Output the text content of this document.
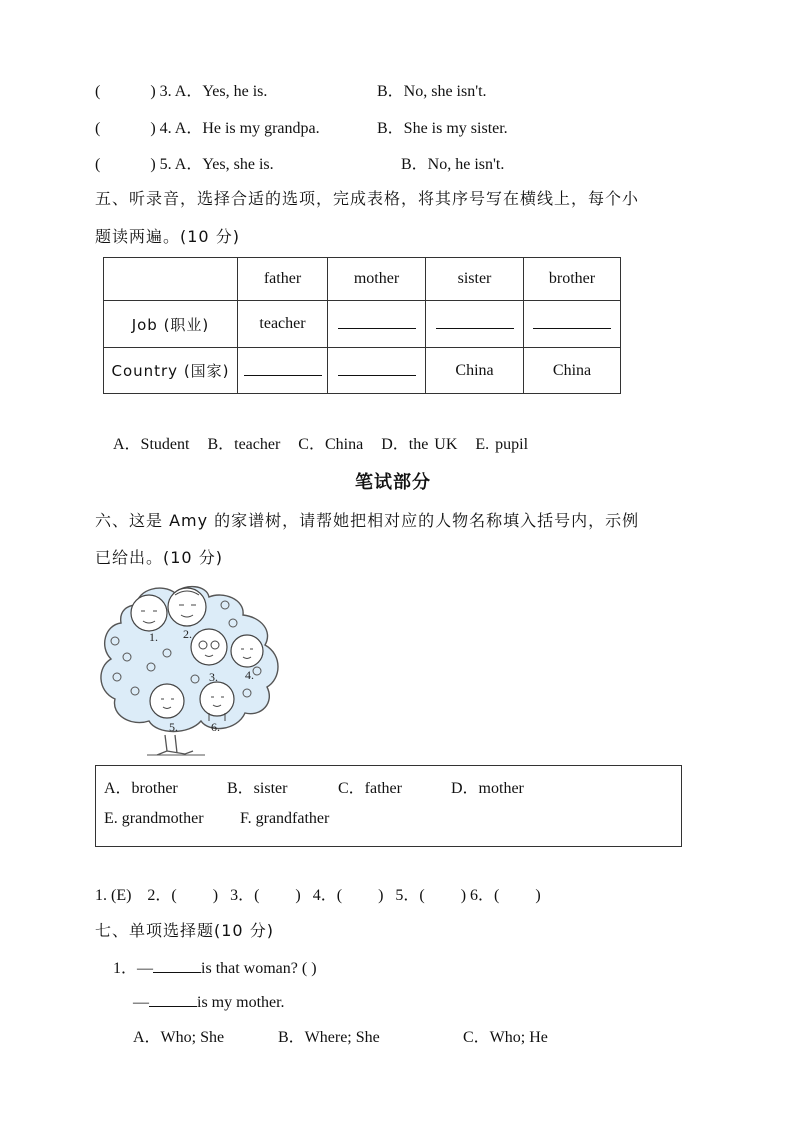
(	) 3. A．Yes, he is.	B．No, she isn't.
(	) 4. A．He is my grandpa.	B．She is my sister.
(	) 5. A．Yes, she is.	B．No, he isn't.
五、听录音，选择合适的选项，完成表格，将其序号写在横线上，每个小
题读两遍。(10 分)
	father	mother	sister	brother
Job (职业)	teacher			
Country (国家)			China	China
A．Student   B．teacher   C．China   D．the UK   E. pupil
笔试部分
六、这是 Amy 的家谱树，请帮她把相对应的人物名称填入括号内，示例
已给出。(10 分)
1. 2.
3. 4.
5.	6.
A．brother	B．sister	C．father	D．mother
E. grandmother F. grandfather
1. (E)    2．(         )   3．(         )   4．(         )   5．(         ) 6．(         )
七、单项选择题(10 分)
1．—	is that woman? ( )
—	is my mother.
A．Who; She	B．Where; She	C．Who; He
